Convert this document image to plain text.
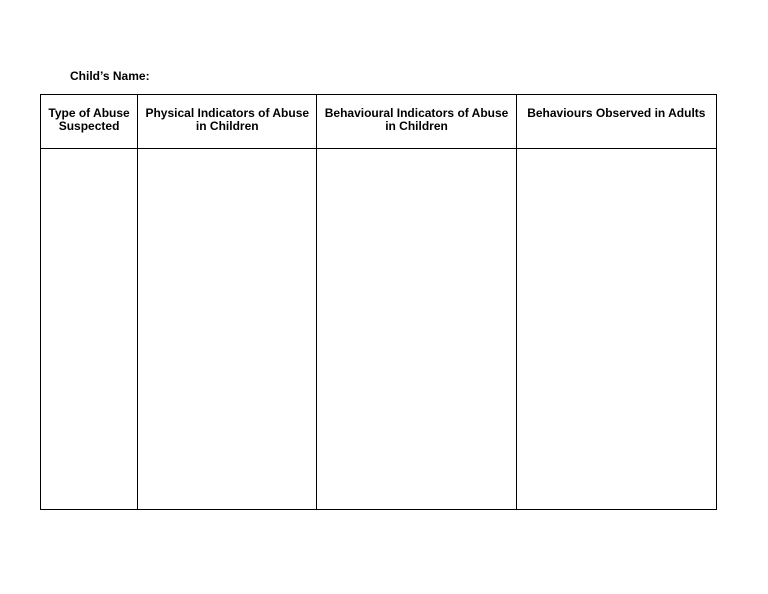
Child’s Name:
Type of Abuse Suspected	Physical Indicators of Abuse in Children	Behavioural Indicators of Abuse in Children	Behaviours Observed in Adults
